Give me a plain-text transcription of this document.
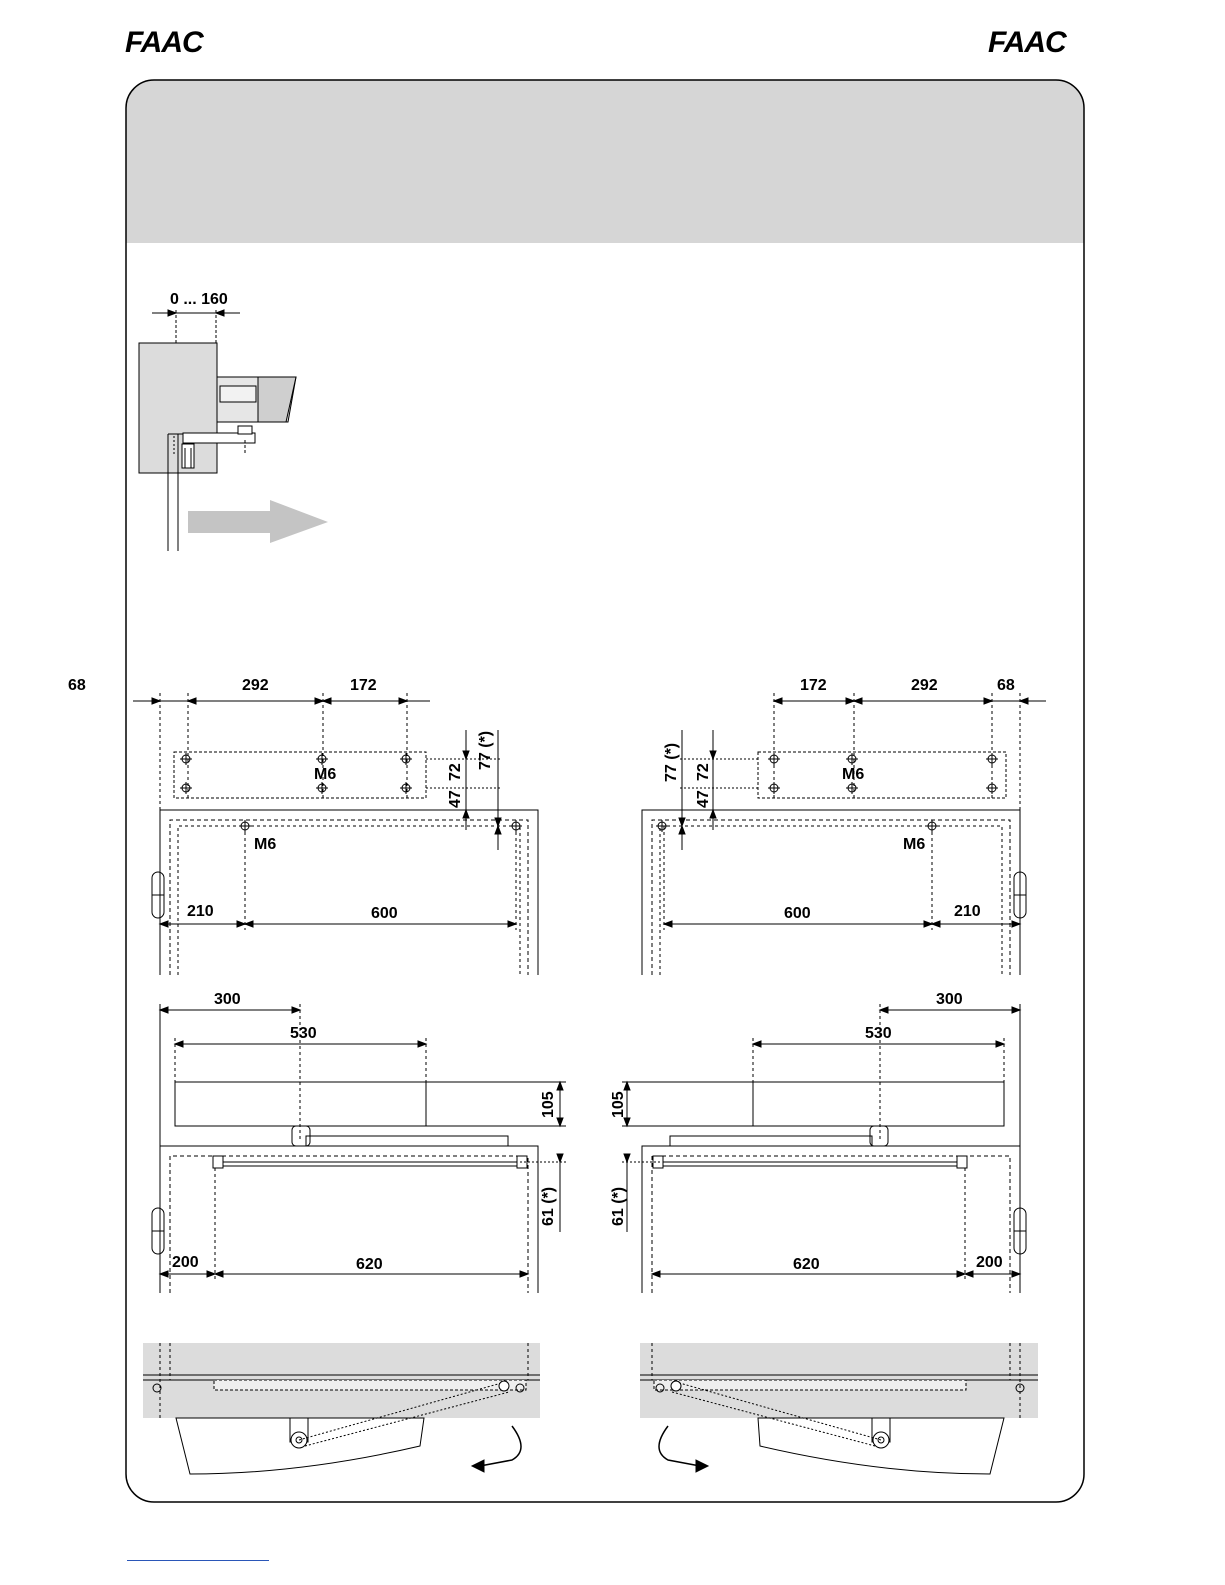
FAAC	FAAC
0 ... 160
68	292	172
M6
M6
77 (*)
72
47
210	600
172	292	68
M6
M6
77 (*) 72
47
600	210
300
530
105
61 (*)
200	620
300
530
105
61 (*)
620	200
